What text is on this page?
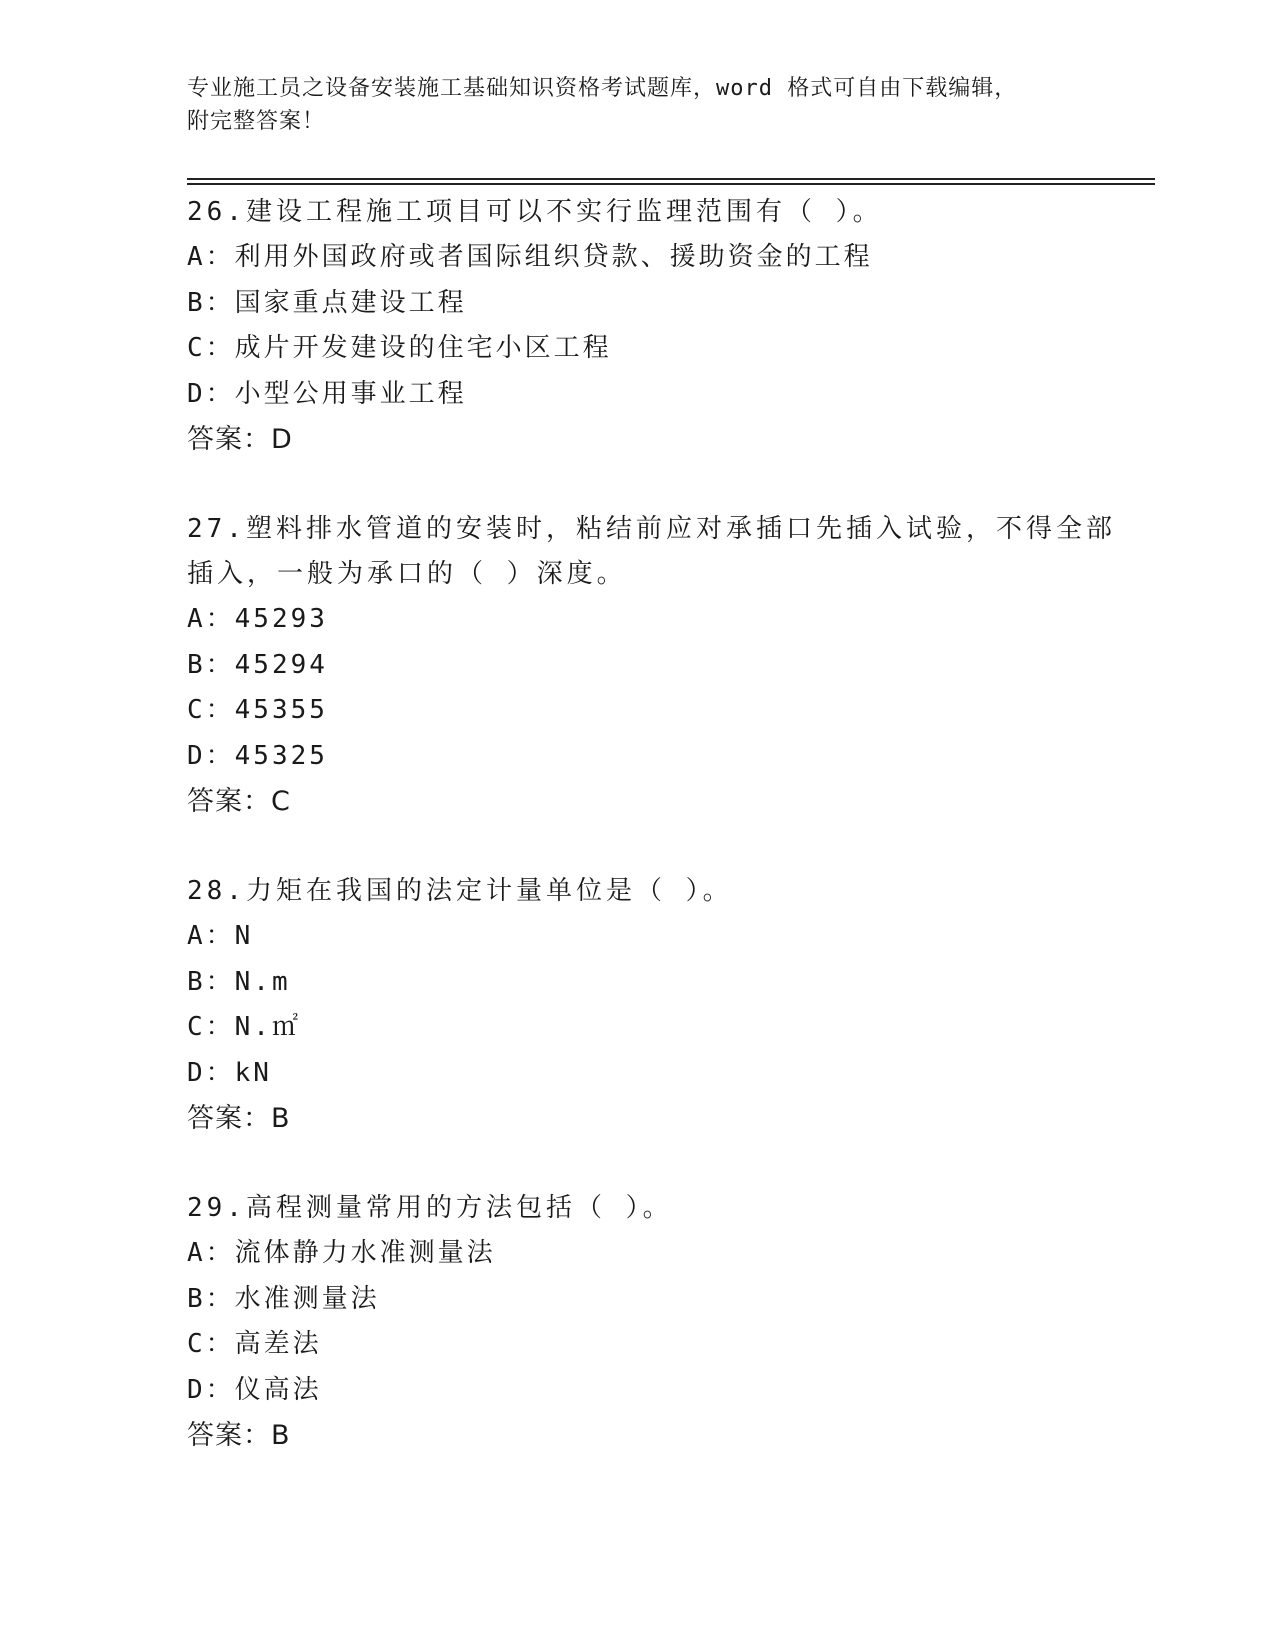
专业施工员之设备安装施工基础知识资格考试题库，word 格式可自由下载编辑，
附完整答案！
26.建设工程施工项目可以不实行监理范围有（ ）。
A：利用外国政府或者国际组织贷款、援助资金的工程
B：国家重点建设工程
C：成片开发建设的住宅小区工程
D：小型公用事业工程
答案：D
27.塑料排水管道的安装时，粘结前应对承插口先插入试验，不得全部插入，一般为承口的（ ）深度。
A：45293
B：45294
C：45355
D：45325
答案：C
28.力矩在我国的法定计量单位是（ ）。
A：N
B：N.m
C：N.㎡
D：kN
答案：B
29.高程测量常用的方法包括（ ）。
A：流体静力水准测量法
B：水准测量法
C：高差法
D：仪高法
答案：B
